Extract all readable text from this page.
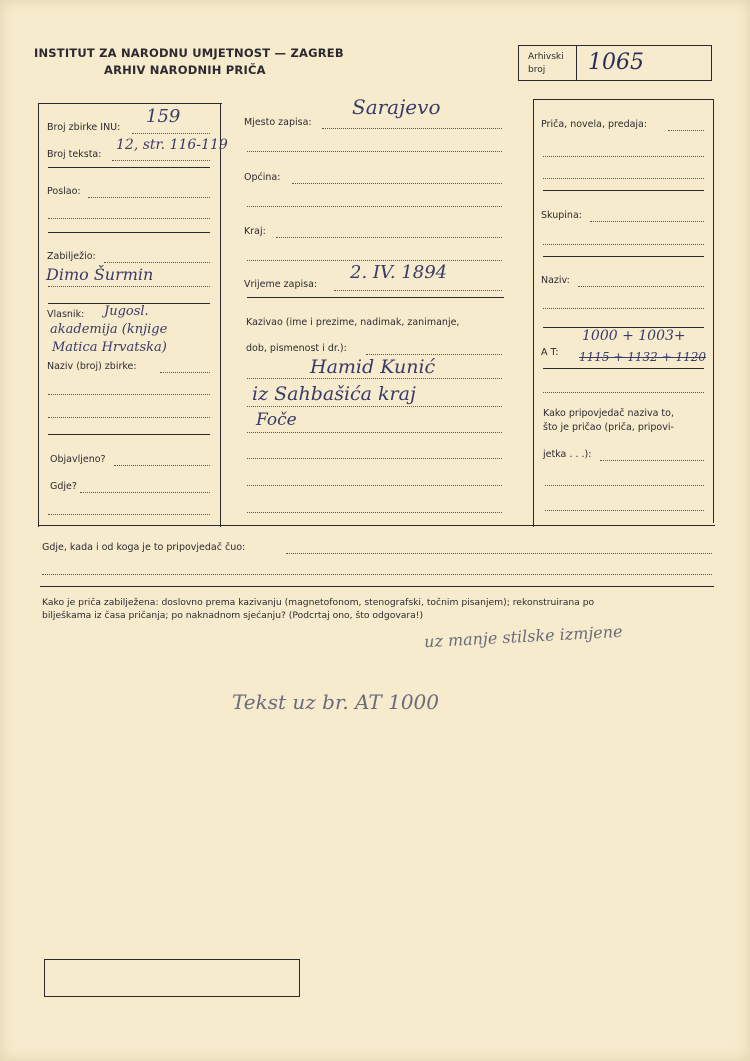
INSTITUT ZA NARODNU UMJETNOST — ZAGREB
ARHIV NARODNIH PRIČA
Arhivski
broj 1065
Broj zbirke INU:
159
Broj teksta:
12, str. 116-119
Poslao:
Zabilježio:
Dimo Šurmin
Vlasnik: Jugosl.
akademija (knjige
Matica Hrvatska)
Naziv (broj) zbirke:
Objavljeno?
Gdje?
Mjesto zapisa:
Sarajevo
Općina:
Kraj:
Vrijeme zapisa:
2. IV. 1894
Kazivao (ime i prezime, nadimak, zanimanje,
dob, pismenost i dr.):
Hamid Kunić
iz Sahbašića kraj
Foče
Priča, novela, predaja:
Skupina:
Naziv:
A T:
1000 + 1003+
1115 + 1132 + 1120
Kako pripovjedač naziva to,
što je pričao (priča, pripovi-
jetka . . .):
Gdje, kada i od koga je to pripovjedač čuo:
Kako je priča zabilježena: doslovno prema kazivanju (magnetofonom, stenografski, točnim pisanjem); rekonstruirana po
bilješkama iz časa pričanja; po naknadnom sjećanju? (Podcrtaj ono, što odgovara!)
uz manje stilske izmjene
Tekst uz br. AT 1000
